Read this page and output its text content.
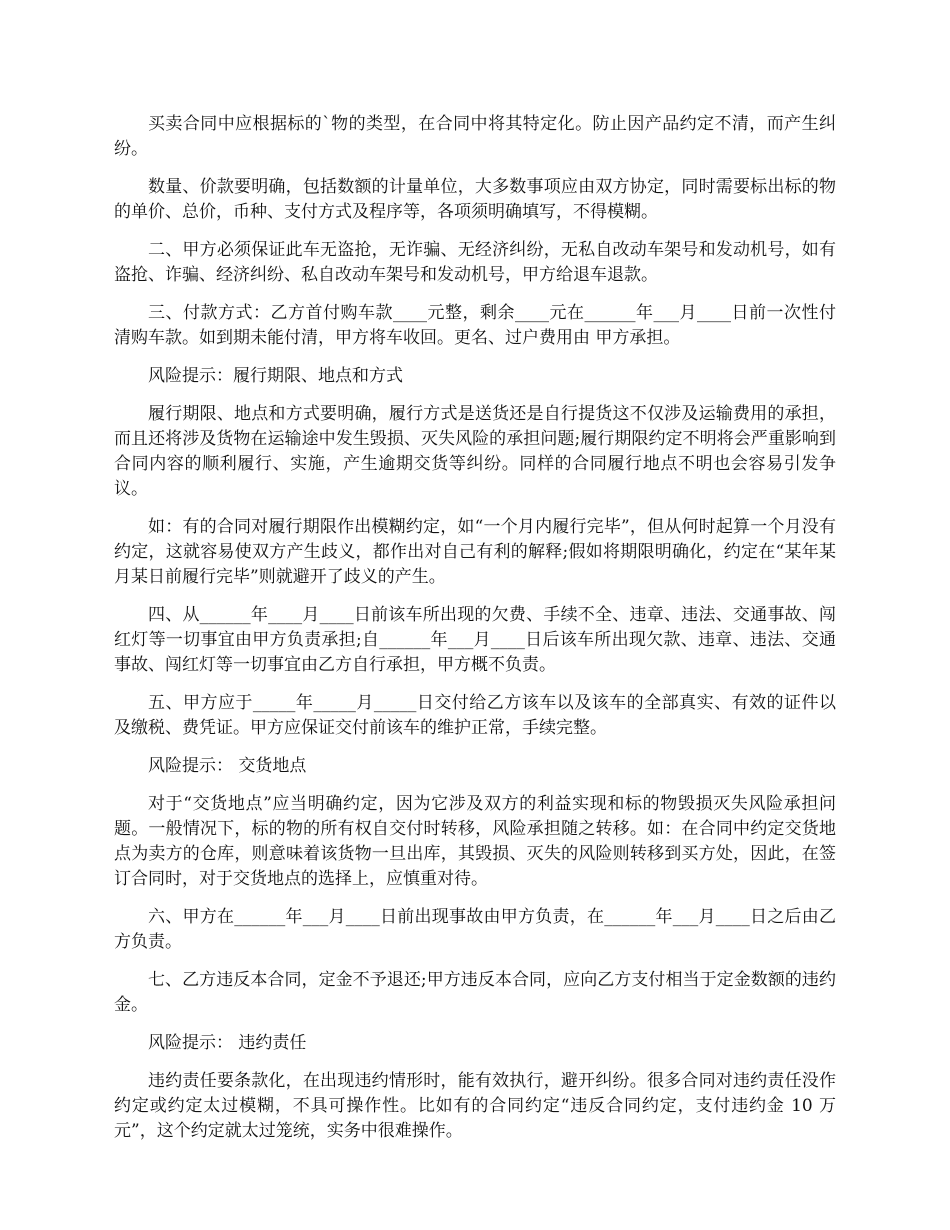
买卖合同中应根据标的`物的类型，在合同中将其特定化。防止因产品约定不清，而产生纠纷。

数量、价款要明确，包括数额的计量单位，大多数事项应由双方协定，同时需要标出标的物的单价、总价，币种、支付方式及程序等，各项须明确填写，不得模糊。

二、甲方必须保证此车无盗抢，无诈骗、无经济纠纷，无私自改动车架号和发动机号，如有盗抢、诈骗、经济纠纷、私自改动车架号和发动机号，甲方给退车退款。

三、付款方式：乙方首付购车款____元整，剩余____元在______年___月____日前一次性付清购车款。如到期未能付清，甲方将车收回。更名、过户费用由 甲方承担。

风险提示：履行期限、地点和方式

履行期限、地点和方式要明确，履行方式是送货还是自行提货这不仅涉及运输费用的承担，而且还将涉及货物在运输途中发生毁损、灭失风险的承担问题;履行期限约定不明将会严重影响到合同内容的顺利履行、实施，产生逾期交货等纠纷。同样的合同履行地点不明也会容易引发争议。

如：有的合同对履行期限作出模糊约定，如“一个月内履行完毕”，但从何时起算一个月没有约定，这就容易使双方产生歧义，都作出对自己有利的解释;假如将期限明确化，约定在“某年某月某日前履行完毕”则就避开了歧义的产生。

四、从______年____月____日前该车所出现的欠费、手续不全、违章、违法、交通事故、闯红灯等一切事宜由甲方负责承担;自______年___月____日后该车所出现欠款、违章、违法、交通事故、闯红灯等一切事宜由乙方自行承担，甲方概不负责。

五、甲方应于_____年_____月_____日交付给乙方该车以及该车的全部真实、有效的证件以及缴税、费凭证。甲方应保证交付前该车的维护正常，手续完整。

风险提示： 交货地点

对于“交货地点”应当明确约定，因为它涉及双方的利益实现和标的物毁损灭失风险承担问题。一般情况下，标的物的所有权自交付时转移，风险承担随之转移。如：在合同中约定交货地点为卖方的仓库，则意味着该货物一旦出库，其毁损、灭失的风险则转移到买方处，因此，在签订合同时，对于交货地点的选择上，应慎重对待。

六、甲方在______年___月____日前出现事故由甲方负责，在______年___月____日之后由乙方负责。

七、乙方违反本合同，定金不予退还;甲方违反本合同，应向乙方支付相当于定金数额的违约金。

风险提示： 违约责任

违约责任要条款化，在出现违约情形时，能有效执行，避开纠纷。很多合同对违约责任没作约定或约定太过模糊，不具可操作性。比如有的合同约定“违反合同约定，支付违约金 10 万元”，这个约定就太过笼统，实务中很难操作。
